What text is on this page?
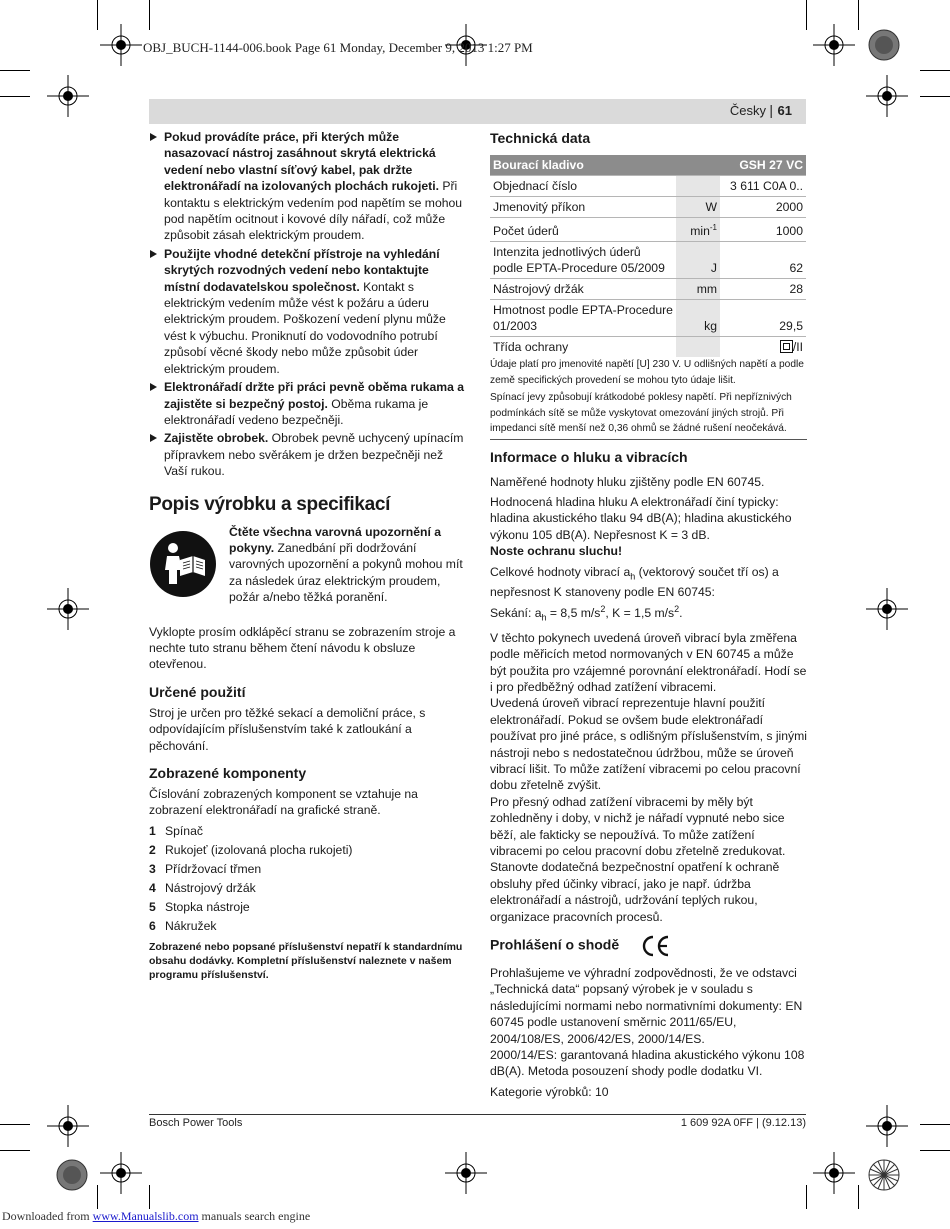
OBJ_BUCH-1144-006.book Page 61 Monday, December 9, 2013 1:27 PM
Česky | 61
Pokud provádíte práce, při kterých může nasazovací nástroj zasáhnout skrytá elektrická vedení nebo vlastní síťový kabel, pak držte elektronářadí na izolovaných plochách rukojeti. Při kontaktu s elektrickým vedením pod napětím se mohou pod napětím ocitnout i kovové díly nářadí, což může způsobit zásah elektrickým proudem.
Použijte vhodné detekční přístroje na vyhledání skrytých rozvodných vedení nebo kontaktujte místní dodavatelskou společnost. Kontakt s elektrickým vedením může vést k požáru a úderu elektrickým proudem. Poškození vedení plynu může vést k výbuchu. Proniknutí do vodovodního potrubí způsobí věcné škody nebo může způsobit úder elektrickým proudem.
Elektronářadí držte při práci pevně oběma rukama a zajistěte si bezpečný postoj. Oběma rukama je elektronářadí vedeno bezpečněji.
Zajistěte obrobek. Obrobek pevně uchycený upínacím přípravkem nebo svěrákem je držen bezpečněji než Vaší rukou.
Popis výrobku a specifikací
Čtěte všechna varovná upozornění a pokyny. Zanedbání při dodržování varovných upozornění a pokynů mohou mít za následek úraz elektrickým proudem, požár a/nebo těžká poranění.

Vyklopte prosím odklápěcí stranu se zobrazením stroje a nechte tuto stranu během čtení návodu k obsluze otevřenou.

Určené použití

Stroj je určen pro těžké sekací a demoliční práce, s odpovídajícím příslušenstvím také k zatloukání a pěchování.

Zobrazené komponenty

Číslování zobrazených komponent se vztahuje na zobrazení elektronářadí na grafické straně.

1 Spínač
2 Rukojeť (izolovaná plocha rukojeti)
3 Přídržovací třmen
4 Nástrojový držák
5 Stopka nástroje
6 Nákružek

Zobrazené nebo popsané příslušenství nepatří k standardnímu obsahu dodávky. Kompletní příslušenství naleznete v našem programu příslušenství.

Technická data
Bourací kladivo		GSH 27 VC
Objednací číslo		3 611 C0A 0..
Jmenovitý příkon	W	2000
Počet úderů	$\min^{-1}$	1000
Intenzita jednotlivých úderů podle EPTA-Procedure 05/2009	J	62
Nástrojový držák	mm	28
Hmotnost podle EPTA-Procedure 01/2003	kg	29,5
Třída ochrany		/II

Údaje platí pro jmenovité napětí [U] 230 V. U odlišných napětí a podle země specifických provedení se mohou tyto údaje lišit.

Spínací jevy způsobují krátkodobé poklesy napětí. Při nepříznivých podmínkách sítě se může vyskytovat omezování jiných strojů. Při impedanci sítě menší než 0,36 ohmů se žádné rušení neočekává.

Informace o hluku a vibracích

Naměřené hodnoty hluku zjištěny podle EN 60745.

Hodnocená hladina hluku A elektronářadí činí typicky: hladina akustického tlaku 94 dB(A); hladina akustického výkonu 105 dB(A). Nepřesnost K = 3 dB.

Noste ochranu sluchu!

Celkové hodnoty vibrací $a_h$ (vektorový součet tří os) a nepřesnost K stanoveny podle EN 60745:

Sekání: $a_h = 8,5$ $m/s^2$, K = 1,5 $m/s^2$.

V těchto pokynech uvedená úroveň vibrací byla změřena podle měřicích metod normovaných v EN 60745 a může být použita pro vzájemné porovnání elektronářadí. Hodí se i pro předběžný odhad zatížení vibracemi.

Uvedená úroveň vibrací reprezentuje hlavní použití elektronářadí. Pokud se ovšem bude elektronářadí používat pro jiné práce, s odlišným příslušenstvím, s jinými nástroji nebo s nedostatečnou údržbou, může se úroveň vibrací lišit. To může zatížení vibracemi po celou pracovní dobu zřetelně zvýšit.

Pro přesný odhad zatížení vibracemi by měly být zohledněny i doby, v nichž je nářadí vypnuté nebo sice běží, ale fakticky se nepoužívá. To může zatížení vibracemi po celou pracovní dobu zřetelně zredukovat.

Stanovte dodatečná bezpečnostní opatření k ochraně obsluhy před účinky vibrací, jako je např. údržba elektronářadí a nástrojů, udržování teplých rukou, organizace pracovních procesů.

Prohlášení o shodě

Prohlašujeme ve výhradní zodpovědnosti, že ve odstavci „Technická data“ popsaný výrobek je v souladu s následujícími normami nebo normativními dokumenty: EN 60745 podle ustanovení směrnic 2011/65/EU, 2004/108/ES, 2006/42/ES, 2000/14/ES.

2000/14/ES: garantovaná hladina akustického výkonu 108 dB(A). Metoda posouzení shody podle dodatku VI.

Kategorie výrobků: 10

Bosch Power Tools	1 609 92A 0FF | (9.12.13)
Downloaded from www.Manualslib.com manuals search engine
